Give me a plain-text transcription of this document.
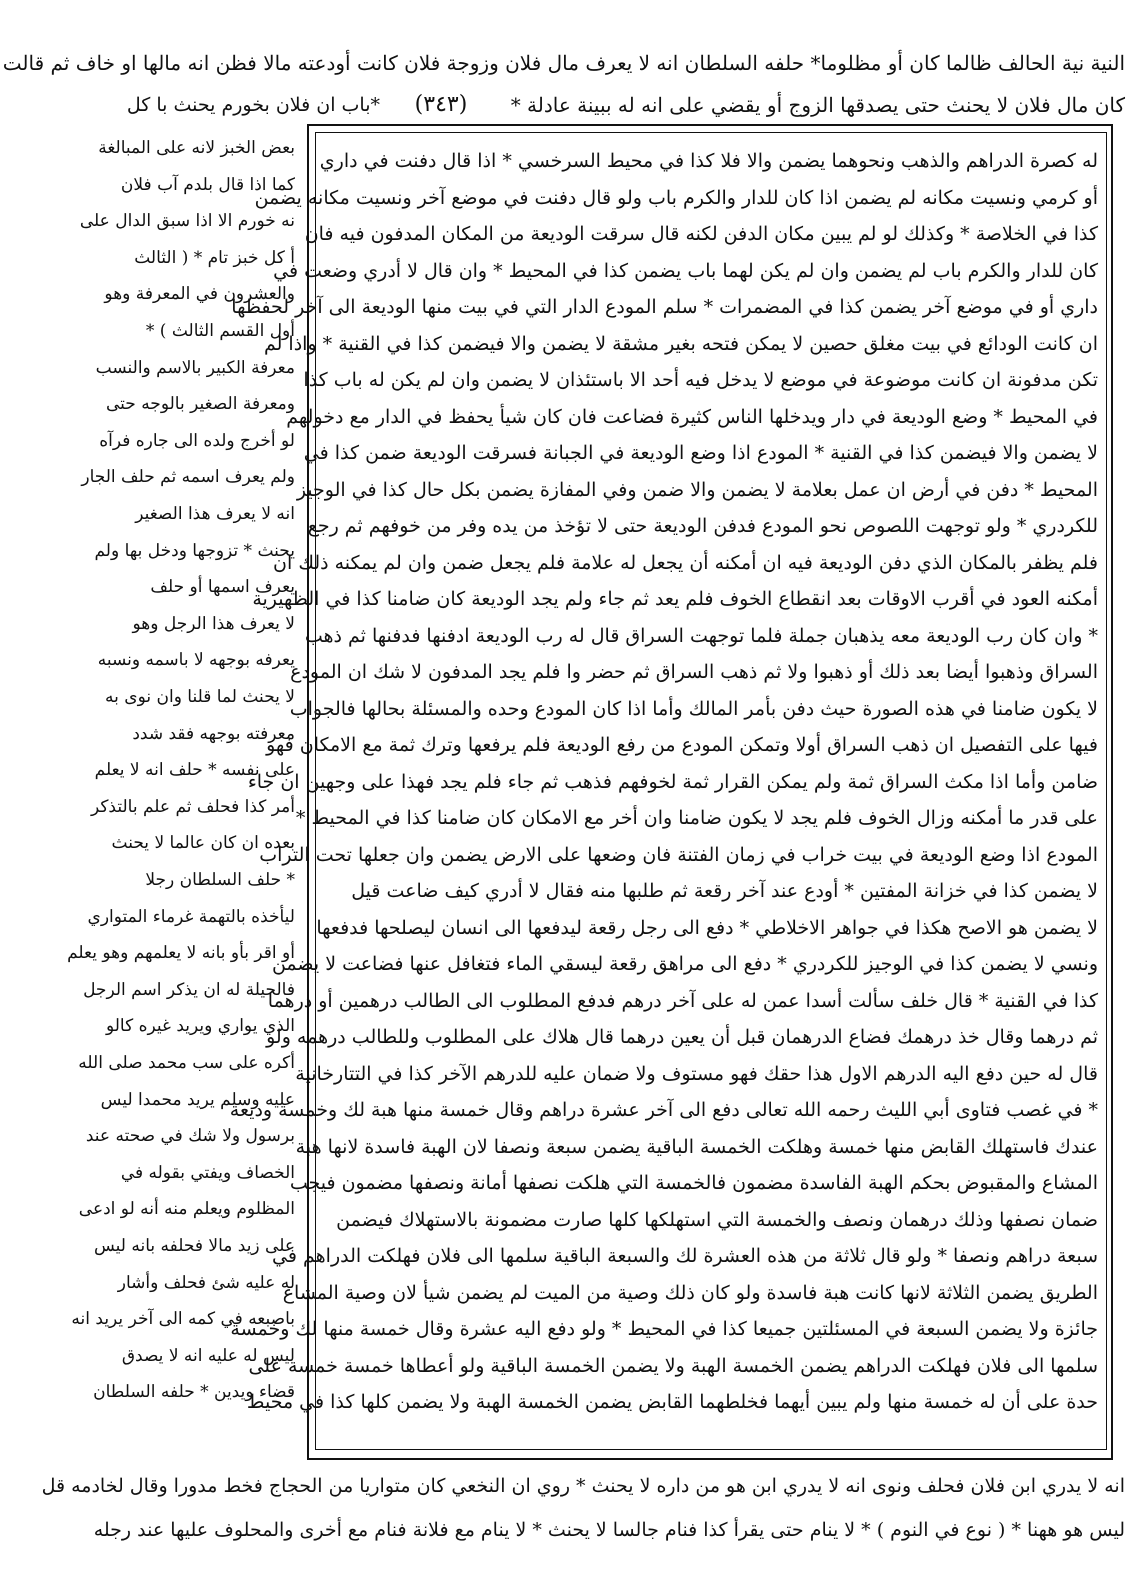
النية نية الحالف ظالما كان أو مظلوما* حلفه السلطان انه لا يعرف مال فلان وزوجة فلان كانت أودعته مالا فظن انه مالها او خاف ثم قالت
كان مال فلان لا يحنث حتى يصدقها الزوج أو يقضي على انه له ببينة عادلة *
(٣٤٣)
*باب ان فلان بخورم يحنث با كل
له كصرة الدراهم والذهب ونحوهما يضمن والا فلا كذا في محيط السرخسي * اذا قال دفنت في داري
أو كرمي ونسيت مكانه لم يضمن اذا كان للدار والكرم باب ولو قال دفنت في موضع آخر ونسيت مكانه يضمن
كذا في الخلاصة * وكذلك لو لم يبين مكان الدفن لكنه قال سرقت الوديعة من المكان المدفون فيه فان
كان للدار والكرم باب لم يضمن وان لم يكن لهما باب يضمن كذا في المحيط * وان قال لا أدري وضعت في
داري أو في موضع آخر يضمن كذا في المضمرات * سلم المودع الدار التي في بيت منها الوديعة الى آخر لحفظها
ان كانت الودائع في بيت مغلق حصين لا يمكن فتحه بغير مشقة لا يضمن والا فيضمن كذا في القنية * واذا لم
تكن مدفونة ان كانت موضوعة في موضع لا يدخل فيه أحد الا باستئذان لا يضمن وان لم يكن له باب كذا
في المحيط * وضع الوديعة في دار ويدخلها الناس كثيرة فضاعت فان كان شيأ يحفظ في الدار مع دخولهم
لا يضمن والا فيضمن كذا في القنية * المودع اذا وضع الوديعة في الجبانة فسرقت الوديعة ضمن كذا في
المحيط * دفن في أرض ان عمل بعلامة لا يضمن والا ضمن وفي المفازة يضمن بكل حال كذا في الوجيز
للكردري * ولو توجهت اللصوص نحو المودع فدفن الوديعة حتى لا تؤخذ من يده وفر من خوفهم ثم رجع
فلم يظفر بالمكان الذي دفن الوديعة فيه ان أمكنه أن يجعل له علامة فلم يجعل ضمن وان لم يمكنه ذلك ان
أمكنه العود في أقرب الاوقات بعد انقطاع الخوف فلم يعد ثم جاء ولم يجد الوديعة كان ضامنا كذا في الظهيرية
* وان كان رب الوديعة معه يذهبان جملة فلما توجهت السراق قال له رب الوديعة ادفنها فدفنها ثم ذهب
السراق وذهبوا أيضا بعد ذلك أو ذهبوا ولا ثم ذهب السراق ثم حضر وا فلم يجد المدفون لا شك ان المودع
لا يكون ضامنا في هذه الصورة حيث دفن بأمر المالك وأما اذا كان المودع وحده والمسئلة بحالها فالجواب
فيها على التفصيل ان ذهب السراق أولا وتمكن المودع من رفع الوديعة فلم يرفعها وترك ثمة مع الامكان فهو
ضامن وأما اذا مكث السراق ثمة ولم يمكن القرار ثمة لخوفهم فذهب ثم جاء فلم يجد فهذا على وجهين ان جاء
على قدر ما أمكنه وزال الخوف فلم يجد لا يكون ضامنا وان أخر مع الامكان كان ضامنا كذا في المحيط *
المودع اذا وضع الوديعة في بيت خراب في زمان الفتنة فان وضعها على الارض يضمن وان جعلها تحت التراب
لا يضمن كذا في خزانة المفتين * أودع عند آخر رقعة ثم طلبها منه فقال لا أدري كيف ضاعت قيل
لا يضمن هو الاصح هكذا في جواهر الاخلاطي * دفع الى رجل رقعة ليدفعها الى انسان ليصلحها فدفعها
ونسي لا يضمن كذا في الوجيز للكردري * دفع الى مراهق رقعة ليسقي الماء فتغافل عنها فضاعت لا يضمن
كذا في القنية * قال خلف سألت أسدا عمن له على آخر درهم فدفع المطلوب الى الطالب درهمين أو درهما
ثم درهما وقال خذ درهمك فضاع الدرهمان قبل أن يعين درهما قال هلاك على المطلوب وللطالب درهمه ولو
قال له حين دفع اليه الدرهم الاول هذا حقك فهو مستوف ولا ضمان عليه للدرهم الآخر كذا في التتارخانية
* في غصب فتاوى أبي الليث رحمه الله تعالى دفع الى آخر عشرة دراهم وقال خمسة منها هبة لك وخمسة وديعة
عندك فاستهلك القابض منها خمسة وهلكت الخمسة الباقية يضمن سبعة ونصفا لان الهبة فاسدة لانها هبة
المشاع والمقبوض بحكم الهبة الفاسدة مضمون فالخمسة التي هلكت نصفها أمانة ونصفها مضمون فيجب
ضمان نصفها وذلك درهمان ونصف والخمسة التي استهلكها كلها صارت مضمونة بالاستهلاك فيضمن
سبعة دراهم ونصفا * ولو قال ثلاثة من هذه العشرة لك والسبعة الباقية سلمها الى فلان فهلكت الدراهم في
الطريق يضمن الثلاثة لانها كانت هبة فاسدة ولو كان ذلك وصية من الميت لم يضمن شيأ لان وصية المشاع
جائزة ولا يضمن السبعة في المسئلتين جميعا كذا في المحيط * ولو دفع اليه عشرة وقال خمسة منها لك وخمسة
سلمها الى فلان فهلكت الدراهم يضمن الخمسة الهبة ولا يضمن الخمسة الباقية ولو أعطاها خمسة خمسة على
حدة على أن له خمسة منها ولم يبين أيهما فخلطهما القابض يضمن الخمسة الهبة ولا يضمن كلها كذا في محيط
بعض الخبز لانه على المبالغة
كما اذا قال بلدم آب فلان
نه خورم الا اذا سبق الدال على
أ كل خبز تام * ( الثالث
والعشرون في المعرفة وهو
أول القسم الثالث ) *
معرفة الكبير بالاسم والنسب
ومعرفة الصغير بالوجه حتى
لو أخرج ولده الى جاره فرآه
ولم يعرف اسمه ثم حلف الجار
انه لا يعرف هذا الصغير
يحنث * تزوجها ودخل بها ولم
يعرف اسمها أو حلف
لا يعرف هذا الرجل وهو
يعرفه بوجهه لا باسمه ونسبه
لا يحنث لما قلنا وان نوى به
معرفته بوجهه فقد شدد
على نفسه * حلف انه لا يعلم
أمر كذا فحلف ثم علم بالتذكر
بعده ان كان عالما لا يحنث
* حلف السلطان رجلا
ليأخذه بالتهمة غرماء المتواري
أو اقر بأو بانه لا يعلمهم وهو يعلم
فالحيلة له ان يذكر اسم الرجل
الذي يواري ويريد غيره كالو
أكره على سب محمد صلى الله
عليه وسلم يريد محمدا ليس
برسول ولا شك في صحته عند
الخصاف ويفتي بقوله في
المظلوم ويعلم منه أنه لو ادعى
على زيد مالا فحلفه بانه ليس
له عليه شئ فحلف وأشار
باصبعه في كمه الى آخر يريد انه
ليس له عليه انه لا يصدق
قضاء ويدين * حلفه السلطان
انه لا يدري ابن فلان فحلف ونوى انه لا يدري ابن هو من داره لا يحنث * روي ان النخعي كان متواريا من الحجاج فخط مدورا وقال لخادمه قل
ليس هو ههنا * ( نوع في النوم ) * لا ينام حتى يقرأ كذا فنام جالسا لا يحنث * لا ينام مع فلانة فنام مع أخرى والمحلوف عليها عند رجله
